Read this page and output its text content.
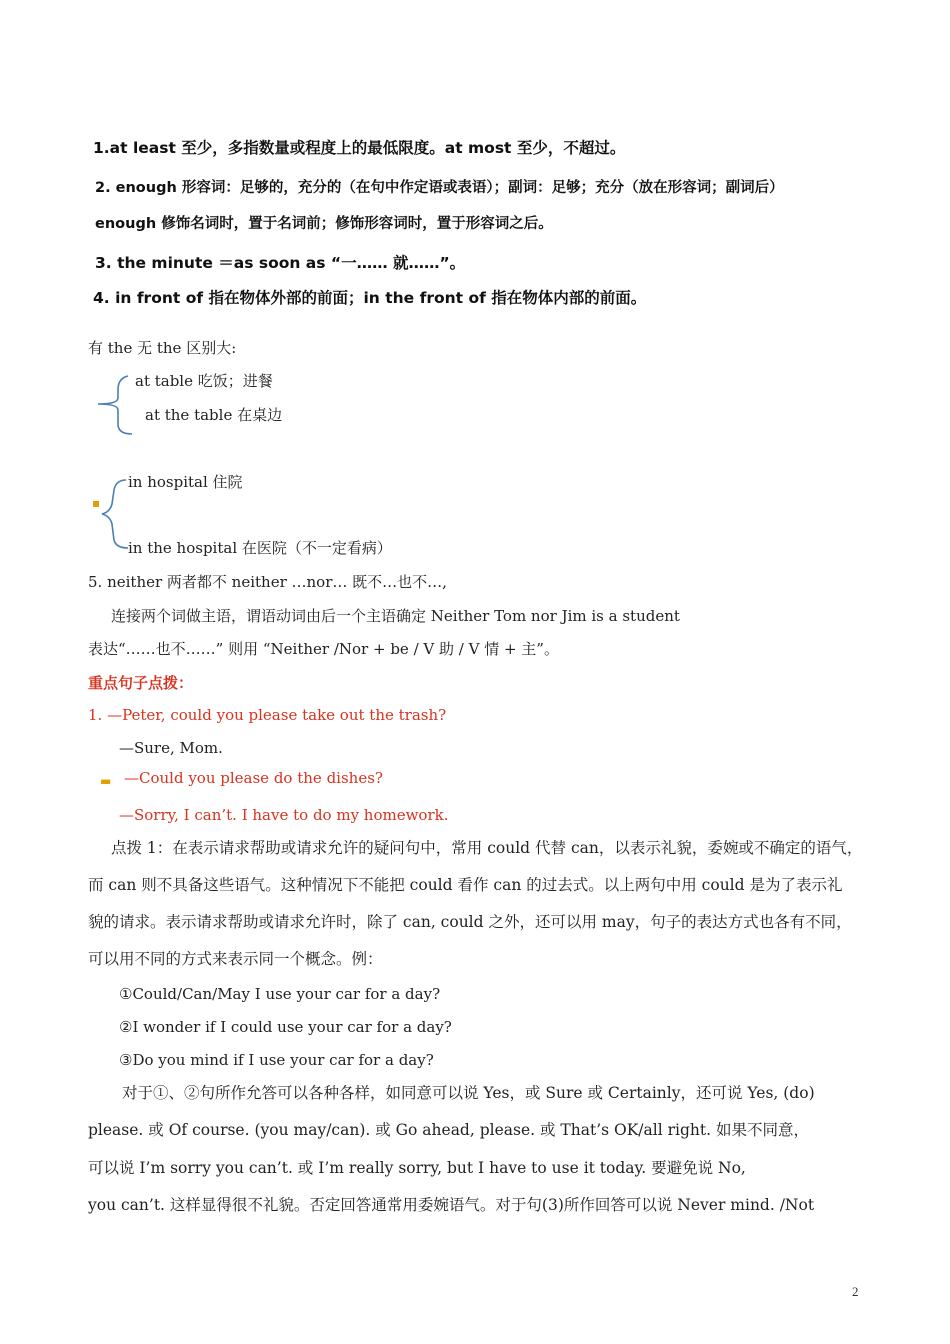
1.at least 至少，多指数量或程度上的最低限度。at most 至少，不超过。
2. enough 形容词：足够的，充分的（在句中作定语或表语）；副词：足够；充分（放在形容词；副词后）
enough 修饰名词时，置于名词前；修饰形容词时，置于形容词之后。
3. the minute ＝as soon as “一…… 就……”。
4. in front of 指在物体外部的前面；in the front of 指在物体内部的前面。
有 the 无 the 区别大:
at table 吃饭；进餐
at the table 在桌边
▪
in hospital 住院
in the hospital 在医院（不一定看病）
5. neither 两者都不 neither …nor… 既不…也不…,
连接两个词做主语，谓语动词由后一个主语确定 Neither Tom nor Jim is a student
表达“……也不……” 则用 “Neither /Nor + be / V 助 / V 情 + 主”。
重点句子点拨：
1. —Peter, could you please take out the trash?
—Sure, Mom.
▬ —Could you please do the dishes?
—Sorry, I can’t. I have to do my homework.
点拨 1：在表示请求帮助或请求允许的疑问句中，常用 could 代替 can，以表示礼貌，委婉或不确定的语气，
而 can 则不具备这些语气。这种情况下不能把 could 看作 can 的过去式。以上两句中用 could 是为了表示礼
貌的请求。表示请求帮助或请求允许时，除了 can, could 之外，还可以用 may，句子的表达方式也各有不同，
可以用不同的方式来表示同一个概念。例：
①Could/Can/May I use your car for a day?
②I wonder if I could use your car for a day?
③Do you mind if I use your car for a day?
对于①、②句所作允答可以各种各样，如同意可以说 Yes，或 Sure 或 Certainly，还可说 Yes, (do)
please. 或 Of course. (you may/can). 或 Go ahead, please. 或 That’s OK/all right. 如果不同意，
可以说 I’m sorry you can’t. 或 I’m really sorry, but I have to use it today. 要避免说 No,
you can’t. 这样显得很不礼貌。否定回答通常用委婉语气。对于句(3)所作回答可以说 Never mind. /Not
2
